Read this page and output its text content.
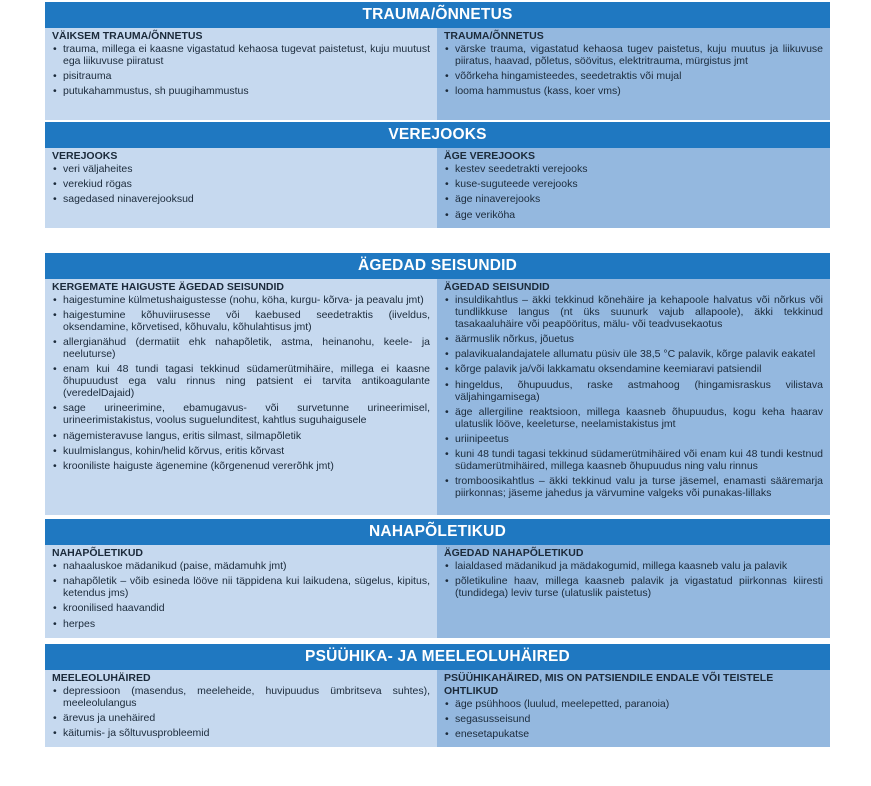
TRAUMA/ÕNNETUS
VÄIKSEM TRAUMA/ÕNNETUS
• trauma, millega ei kaasne vigastatud kehaosa tugevat paistetust, kuju muutust ega liikuvuse piiratust
• pisitrauma
• putukahammustus, sh puugihammustus
TRAUMA/ÕNNETUS
• värske trauma, vigastatud kehaosa tugev paistetus, kuju muutus ja liikuvuse piiratus, haavad, põletus, söövitus, elektritrauma, mürgistus jmt
• võõrkeha hingamisteedes, seedetraktis või mujal
• looma hammustus (kass, koer vms)
VEREJOOKS
VEREJOOKS
• veri väljaheites
• verekiud rögas
• sagedased ninaverejooksud
ÄGE VEREJOOKS
• kestev seedetrakti verejooks
• kuse-suguteede verejooks
• äge ninaverejooks
• äge veriköha
ÄGEDAD SEISUNDID
KERGEMATE HAIGUSTE ÄGEDAD SEISUNDID
• haigestumine külmetushaigustesse (nohu, köha, kurgu- kõrva- ja peavalu jmt)
• haigestumine kõhuviirusesse või kaebused seedetraktis (iiveldus, oksendamine, kõrvetised, kõhuvalu, kõhulahtisus jmt)
• allergianähud (dermatiit ehk nahapõletik, astma, heinanohu, keele- ja neeluturse)
• enam kui 48 tundi tagasi tekkinud südamerütmihäire, millega ei kaasne õhupuudust ega valu rinnus ning patsient ei tarvita antikoagulante (veredelDajaid)
• sage urineerimine, ebamugavus- või survetunne urineerimisel, urineerimistakistus, voolus suguelunditest, kahtlus suguhaigusele
• nägemisteravuse langus, eritis silmast, silmapõletik
• kuulmislangus, kohin/helid kõrvus, eritis kõrvast
• krooniliste haiguste ägenemine (kõrgenenud vererõhk jmt)
ÄGEDAD SEISUNDID
• insuldikahtlus – äkki tekkinud kõnehäire ja kehapoole halvatus või nõrkus või tundlikkuse langus (nt üks suunurk vajub allapoole), äkki tekkinud tasakaaluhäire või peapööritus, mälu- või teadvusekaotus
• äärmuslik nõrkus, jõuetus
• palavikualandajatele allumatu püsiv üle 38,5 °C palavik, kõrge palavik eakatel
• kõrge palavik ja/või lakkamatu oksendamine keemiaravi patsiendil
• hingeldus, õhupuudus, raske astmahoog (hingamisraskus vilistava väljahingamisega)
• äge allergiline reaktsioon, millega kaasneb õhupuudus, kogu keha haarav ulatuslik lööve, keeleturse, neelamistakistus jmt
• uriinipeetus
• kuni 48 tundi tagasi tekkinud südamerütmihäired või enam kui 48 tundi kestnud südamerütmihäired, millega kaasneb õhupuudus ning valu rinnus
• tromboosikahtlus – äkki tekkinud valu ja turse jäsemel, enamasti sääremarja piirkonnas; jäseme jahedus ja värvumine valgeks või punakas-lillaks
NAHAPÕLETIKUD
NAHAPÕLETIKUD
• nahaaluskoe mädanikud (paise, mädamuhk jmt)
• nahapõletik – võib esineda lööve nii täppidena kui laikudena, sügelus, kipitus, ketendus jms)
• kroonilised haavandid
• herpes
ÄGEDAD NAHAPÕLETIKUD
• laialdased mädanikud ja mädakogumid, millega kaasneb valu ja palavik
• põletikuline haav, millega kaasneb palavik ja vigastatud piirkonnas kiiresti (tundidega) leviv turse (ulatuslik paistetus)
PSÜÜHIKA- JA MEELEOLUHÄIRED
MEELEOLUHÄIRED
• depressioon (masendus, meeleheide, huvipuudus ümbritseva suhtes), meeleolulangus
• ärevus ja unehäired
• käitumis- ja sõltuvusprobleemid
PSÜÜHIKAHÄIRED, MIS ON PATSIENDILE ENDALE VÕI TEISTELE OHTLIKUD
• äge psühhoos (luulud, meelepetted, paranoia)
• segasusseisund
• enesetapukatse
